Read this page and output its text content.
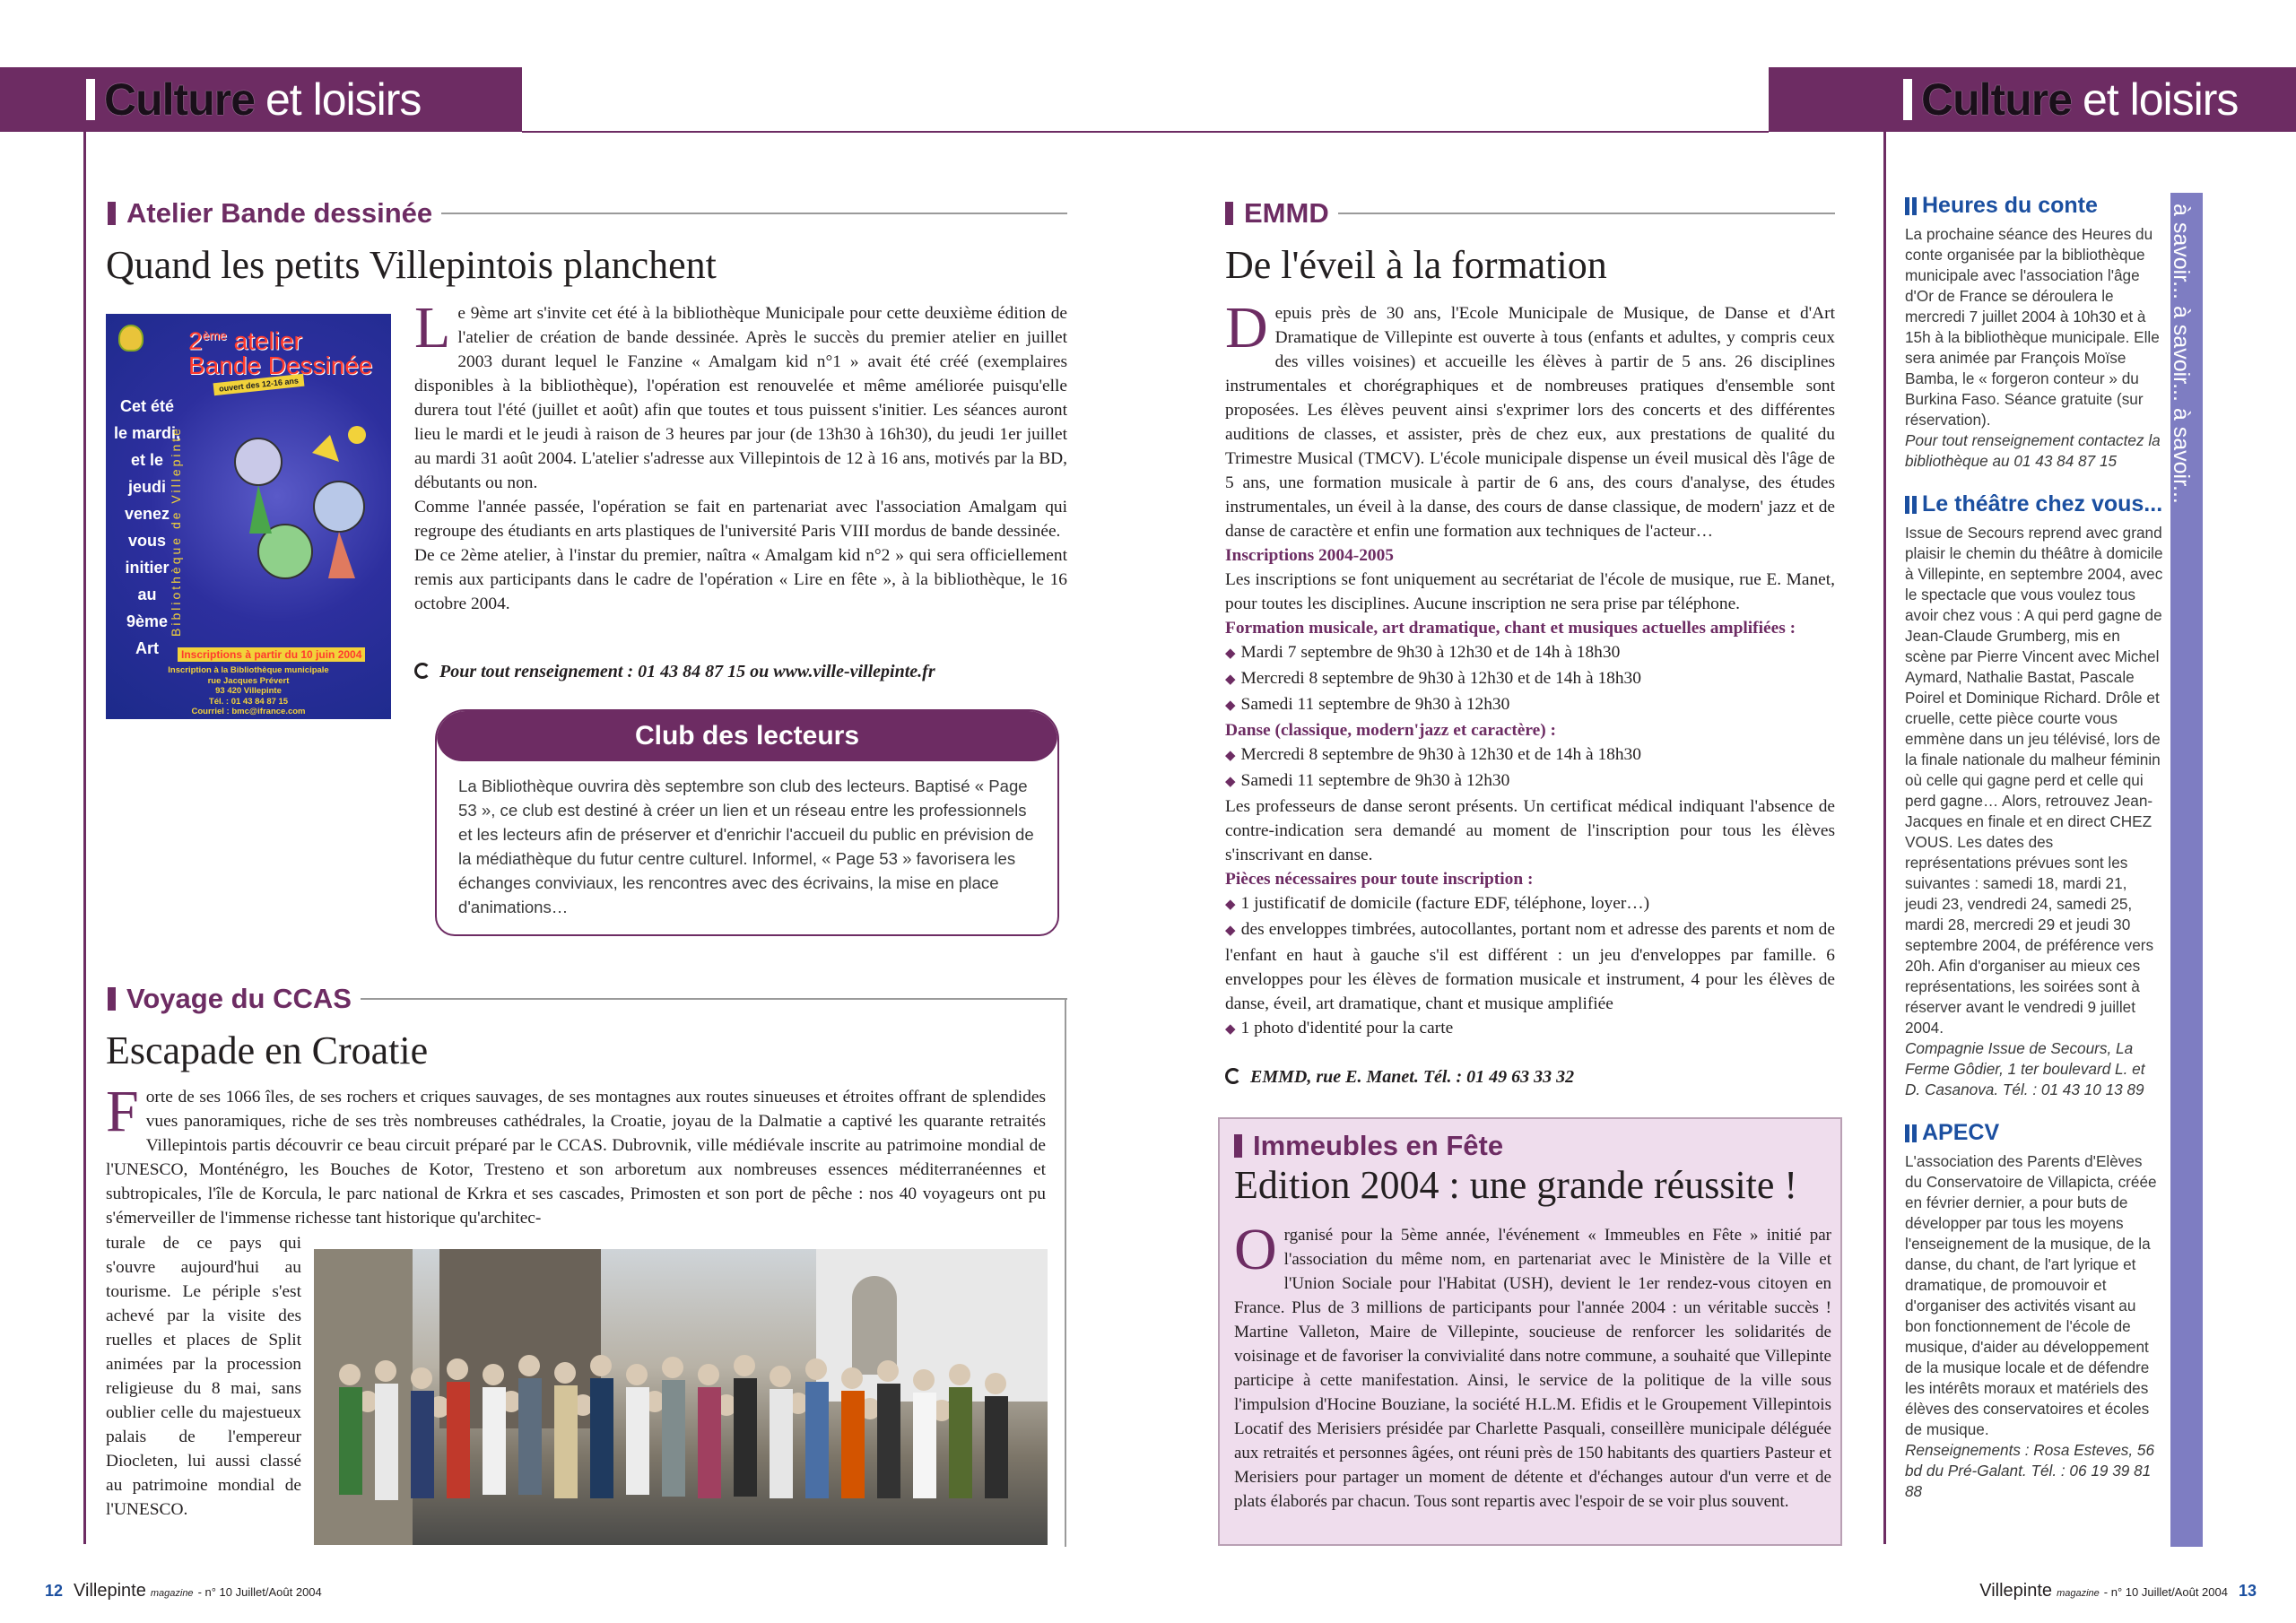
Culture et loisirs	Culture et loisirs
Atelier Bande dessinée
Quand les petits Villepintois planchent
2ème atelier
Bande Dessinée
ouvert des 12-16 ans
Cet été
le mardi,
et le jeudi
venez
vous
initier
au
9ème Art
Bibliothèque de Villepinte
Inscriptions à partir du 10 juin 2004
Inscription à la Bibliothèque municipale
rue Jacques Prévert
93 420 Villepinte
Tél. : 01 43 84 87 15
Courriel : bmc@ifrance.com
Le 9ème art s'invite cet été à la bibliothèque Municipale pour cette deuxième édition de l'atelier de création de bande dessinée. Après le succès du premier atelier en juillet 2003 durant lequel le Fanzine « Amalgam kid n°1 » avait été créé (exemplaires disponibles à la bibliothèque), l'opération est renouvelée et même améliorée puisqu'elle durera tout l'été (juillet et août) afin que toutes et tous puissent s'initier. Les séances auront lieu le mardi et le jeudi à raison de 3 heures par jour (de 13h30 à 16h30), du jeudi 1er juillet au mardi 31 août 2004. L'atelier s'adresse aux Villepintois de 12 à 16 ans, motivés par la BD, débutants ou non.
Comme l'année passée, l'opération se fait en partenariat avec l'association Amalgam qui regroupe des étudiants en arts plastiques de l'université Paris VIII mordus de bande dessinée.
De ce 2ème atelier, à l'instar du premier, naîtra « Amalgam kid n°2 » qui sera officiellement remis aux participants dans le cadre de l'opération « Lire en fête », à la bibliothèque, le 16 octobre 2004.
Pour tout renseignement : 01 43 84 87 15 ou www.ville-villepinte.fr
Club des lecteurs
La Bibliothèque ouvrira dès septembre son club des lecteurs. Baptisé « Page 53 », ce club est destiné à créer un lien et un réseau entre les professionnels et les lecteurs afin de préserver et d'enrichir l'accueil du public en prévision de la médiathèque du futur centre culturel. Informel, « Page 53 » favorisera les échanges conviviaux, les rencontres avec des écrivains, la mise en place d'animations…
Voyage du CCAS
Escapade en Croatie
Forte de ses 1066 îles, de ses rochers et criques sauvages, de ses montagnes aux routes sinueuses et étroites offrant de splendides vues panoramiques, riche de ses très nombreuses cathédrales, la Croatie, joyau de la Dalmatie a captivé les quarante retraités Villepintois partis découvrir ce beau circuit préparé par le CCAS. Dubrovnik, ville médiévale inscrite au patrimoine mondial de l'UNESCO, Monténégro, les Bouches de Kotor, Tresteno et son arboretum aux nombreuses essences méditerranéennes et subtropicales, l'île de Korcula, le parc national de Krkra et ses cascades, Primosten et son port de pêche : nos 40 voyageurs ont pu s'émerveiller de l'immense richesse tant historique qu'architec-
turale de ce pays qui s'ouvre aujourd'hui au tourisme. Le périple s'est achevé par la visite des ruelles et places de Split animées par la procession religieuse du 8 mai, sans oublier celle du majestueux palais de l'empereur Diocleten, lui aussi classé au patrimoine mondial de l'UNESCO.
12 Villepinte magazine - n° 10 Juillet/Août 2004
EMMD
De l'éveil à la formation
Depuis près de 30 ans, l'Ecole Municipale de Musique, de Danse et d'Art Dramatique de Villepinte est ouverte à tous (enfants et adultes, y compris ceux des villes voisines) et accueille les élèves à partir de 5 ans. 26 disciplines instrumentales et chorégraphiques et de nombreuses pratiques d'ensemble sont proposées. Les élèves peuvent ainsi s'exprimer lors des concerts et des différentes auditions de classes, et assister, près de chez eux, aux prestations de qualité du Trimestre Musical (TMCV). L'école municipale dispense un éveil musical dès l'âge de 5 ans, une formation musicale à partir de 6 ans, des cours d'analyse, des études instrumentales, un éveil à la danse, des cours de danse classique, de modern' jazz et de danse de caractère et enfin une formation aux techniques de l'acteur…
Inscriptions 2004-2005
Les inscriptions se font uniquement au secrétariat de l'école de musique, rue E. Manet, pour toutes les disciplines. Aucune inscription ne sera prise par téléphone.
Formation musicale, art dramatique, chant et musiques actuelles amplifiées :
◆ Mardi 7 septembre de 9h30 à 12h30 et de 14h à 18h30
◆ Mercredi 8 septembre de 9h30 à 12h30 et de 14h à 18h30
◆ Samedi 11 septembre de 9h30 à 12h30
Danse (classique, modern'jazz et caractère) :
◆ Mercredi 8 septembre de 9h30 à 12h30 et de 14h à 18h30
◆ Samedi 11 septembre de 9h30 à 12h30
Les professeurs de danse seront présents. Un certificat médical indiquant l'absence de contre-indication sera demandé au moment de l'inscription pour tous les élèves s'inscrivant en danse.
Pièces nécessaires pour toute inscription :
◆ 1 justificatif de domicile (facture EDF, téléphone, loyer…)
◆ des enveloppes timbrées, autocollantes, portant nom et adresse des parents et nom de l'enfant en haut à gauche s'il est différent : un jeu d'enveloppes par famille. 6 enveloppes pour les élèves de formation musicale et instrument, 4 pour les élèves de danse, éveil, art dramatique, chant et musique amplifiée
◆ 1 photo d'identité pour la carte
EMMD, rue E. Manet. Tél. : 01 49 63 33 32
Immeubles en Fête
Edition 2004 : une grande réussite !
Organisé pour la 5ème année, l'événement « Immeubles en Fête » initié par l'association du même nom, en partenariat avec le Ministère de la Ville et l'Union Sociale pour l'Habitat (USH), devient le 1er rendez-vous citoyen en France. Plus de 3 millions de participants pour l'année 2004 : un véritable succès ! Martine Valleton, Maire de Villepinte, soucieuse de renforcer les solidarités de voisinage et de favoriser la convivialité dans notre commune, a souhaité que Villepinte participe à cette manifestation. Ainsi, le service de la politique de la ville sous l'impulsion d'Hocine Bouziane, la société H.L.M. Efidis et le Groupement Villepintois Locatif des Merisiers présidée par Charlette Pasquali, conseillère municipale déléguée aux retraités et personnes âgées, ont réuni près de 150 habitants des quartiers Pasteur et Merisiers pour partager un moment de détente et d'échanges autour d'un verre et de plats élaborés par chacun. Tous sont repartis avec l'espoir de se voir plus souvent.
à savoir... à savoir... à savoir...
Heures du conte
La prochaine séance des Heures du conte organisée par la bibliothèque municipale avec l'association l'âge d'Or de France se déroulera le mercredi 7 juillet 2004 à 10h30 et à 15h à la bibliothèque municipale. Elle sera animée par François Moïse Bamba, le « forgeron conteur » du Burkina Faso. Séance gratuite (sur réservation).
Pour tout renseignement contactez la bibliothèque au 01 43 84 87 15
Le théâtre chez vous...
Issue de Secours reprend avec grand plaisir le chemin du théâtre à domicile à Villepinte, en septembre 2004, avec le spectacle que vous voulez tous avoir chez vous : A qui perd gagne de Jean-Claude Grumberg, mis en scène par Pierre Vincent avec Michel Aymard, Nathalie Bastat, Pascale Poirel et Dominique Richard. Drôle et cruelle, cette pièce courte vous emmène dans un jeu télévisé, lors de la finale nationale du malheur féminin où celle qui gagne perd et celle qui perd gagne… Alors, retrouvez Jean-Jacques en finale et en direct CHEZ VOUS. Les dates des représentations prévues sont les suivantes : samedi 18, mardi 21, jeudi 23, vendredi 24, samedi 25, mardi 28, mercredi 29 et jeudi 30 septembre 2004, de préférence vers 20h. Afin d'organiser au mieux ces représentations, les soirées sont à réserver avant le vendredi 9 juillet 2004.
Compagnie Issue de Secours, La Ferme Gôdier, 1 ter boulevard L. et D. Casanova. Tél. : 01 43 10 13 89
APECV
L'association des Parents d'Elèves du Conservatoire de Villapicta, créée en février dernier, a pour buts de développer par tous les moyens l'enseignement de la musique, de la danse, du chant, de l'art lyrique et dramatique, de promouvoir et d'organiser des activités visant au bon fonctionnement de l'école de musique, d'aider au développement de la musique locale et de défendre les intérêts moraux et matériels des élèves des conservatoires et écoles de musique.
Renseignements : Rosa Esteves, 56 bd du Pré-Galant. Tél. : 06 19 39 81 88
Villepinte magazine - n° 10 Juillet/Août 2004 13
